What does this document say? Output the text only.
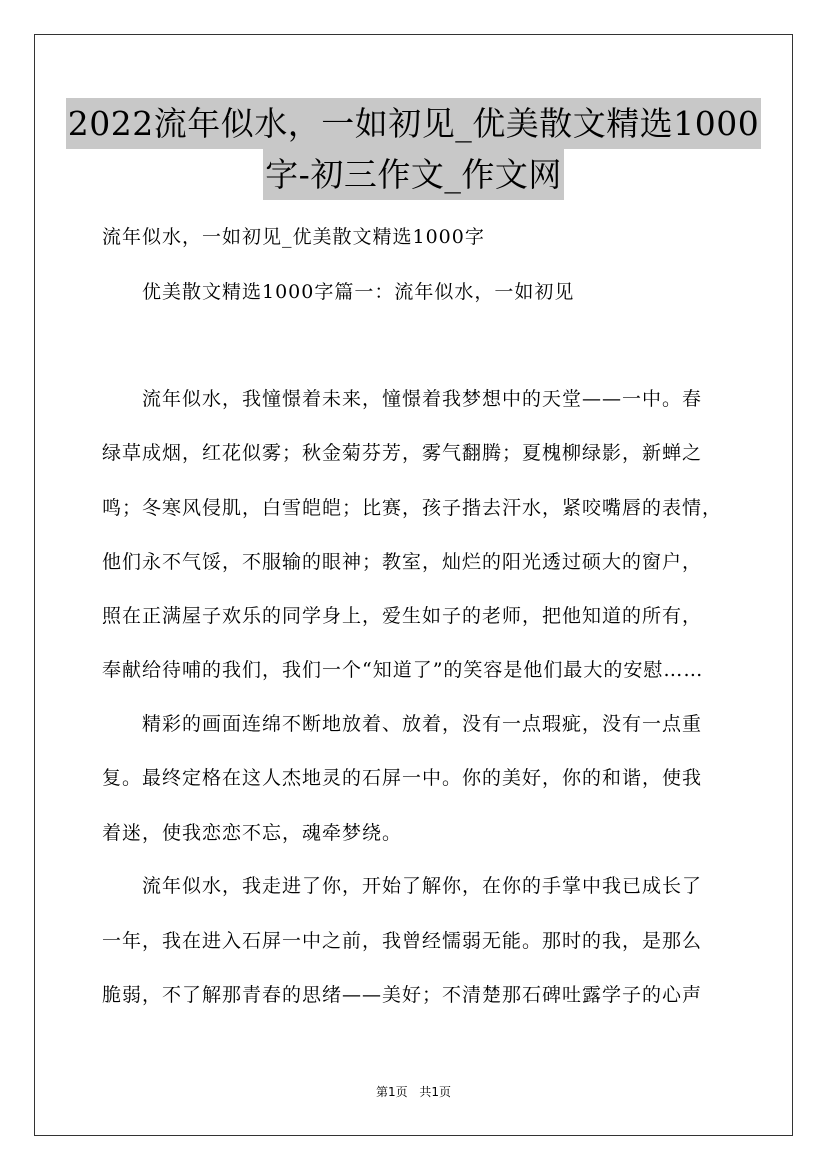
2022流年似水，一如初见_优美散文精选1000
字-初三作文_作文网
流年似水，一如初见_优美散文精选1000字
优美散文精选1000字篇一：流年似水，一如初见
流年似水，我憧憬着未来，憧憬着我梦想中的天堂——一中。春
绿草成烟，红花似雾；秋金菊芬芳，雾气翻腾；夏槐柳绿影，新蝉之
鸣；冬寒风侵肌，白雪皑皑；比赛，孩子揩去汗水，紧咬嘴唇的表情，
他们永不气馁，不服输的眼神；教室，灿烂的阳光透过硕大的窗户，
照在正满屋子欢乐的同学身上，爱生如子的老师，把他知道的所有，
奉献给待哺的我们，我们一个“知道了”的笑容是他们最大的安慰……
精彩的画面连绵不断地放着、放着，没有一点瑕疵，没有一点重
复。最终定格在这人杰地灵的石屏一中。你的美好，你的和谐，使我
着迷，使我恋恋不忘，魂牵梦绕。
流年似水，我走进了你，开始了解你，在你的手掌中我已成长了
一年，我在进入石屏一中之前，我曾经懦弱无能。那时的我，是那么
脆弱，不了解那青春的思绪——美好；不清楚那石碑吐露学子的心声
第1页 共1页
